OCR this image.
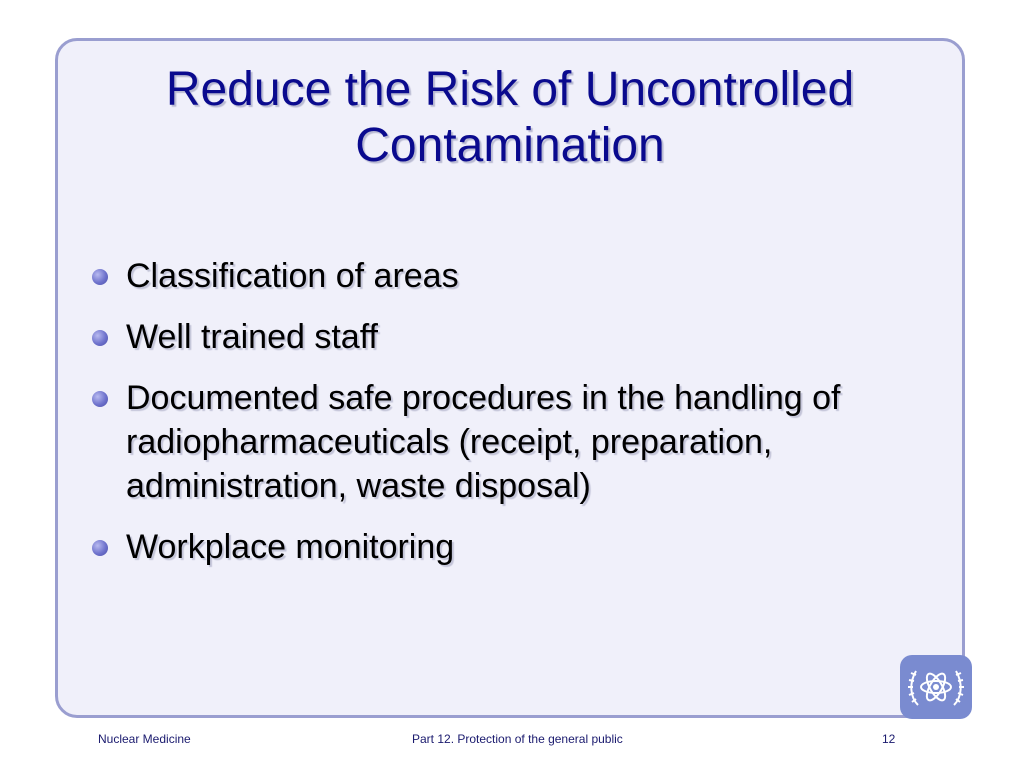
Reduce the Risk of Uncontrolled Contamination
Classification of areas
Well trained staff
Documented safe procedures in the handling of radiopharmaceuticals (receipt, preparation, administration, waste disposal)
Workplace monitoring

Nuclear Medicine	Part 12. Protection of the general public	12
